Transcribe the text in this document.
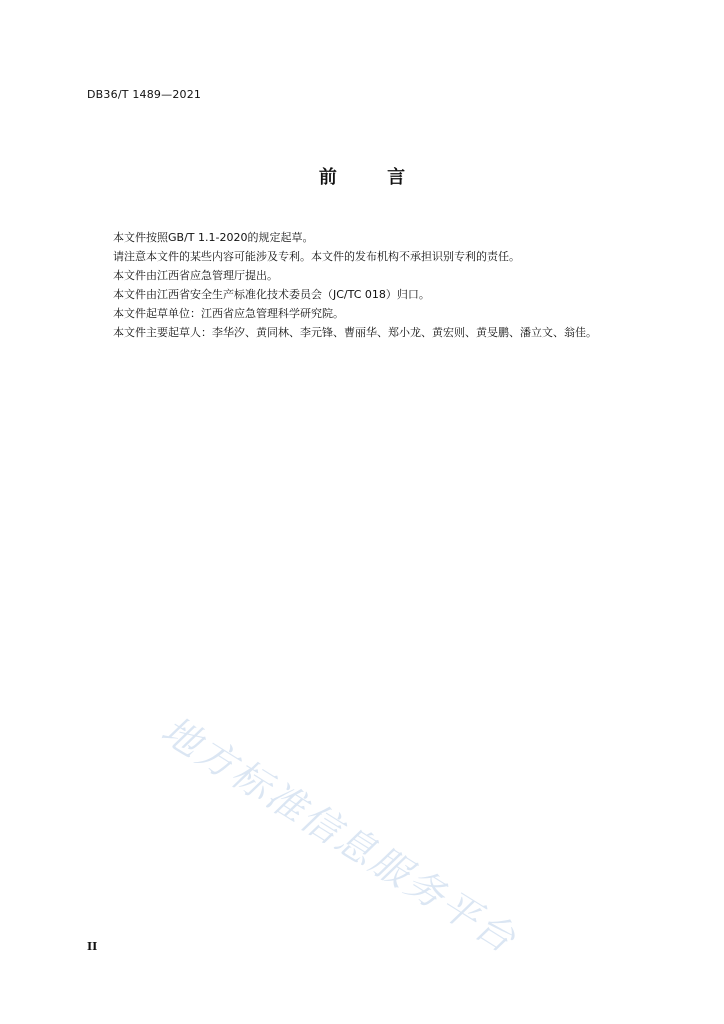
DB36/T 1489—2021
前 言
本文件按照GB/T 1.1-2020的规定起草。
请注意本文件的某些内容可能涉及专利。本文件的发布机构不承担识别专利的责任。
本文件由江西省应急管理厅提出。
本文件由江西省安全生产标准化技术委员会（JC/TC 018）归口。
本文件起草单位：江西省应急管理科学研究院。
本文件主要起草人：李华汐、黄同林、李元锋、曹丽华、郑小龙、黄宏则、黄旻鹏、潘立文、翁佳。
地方标准信息服务平台
II
